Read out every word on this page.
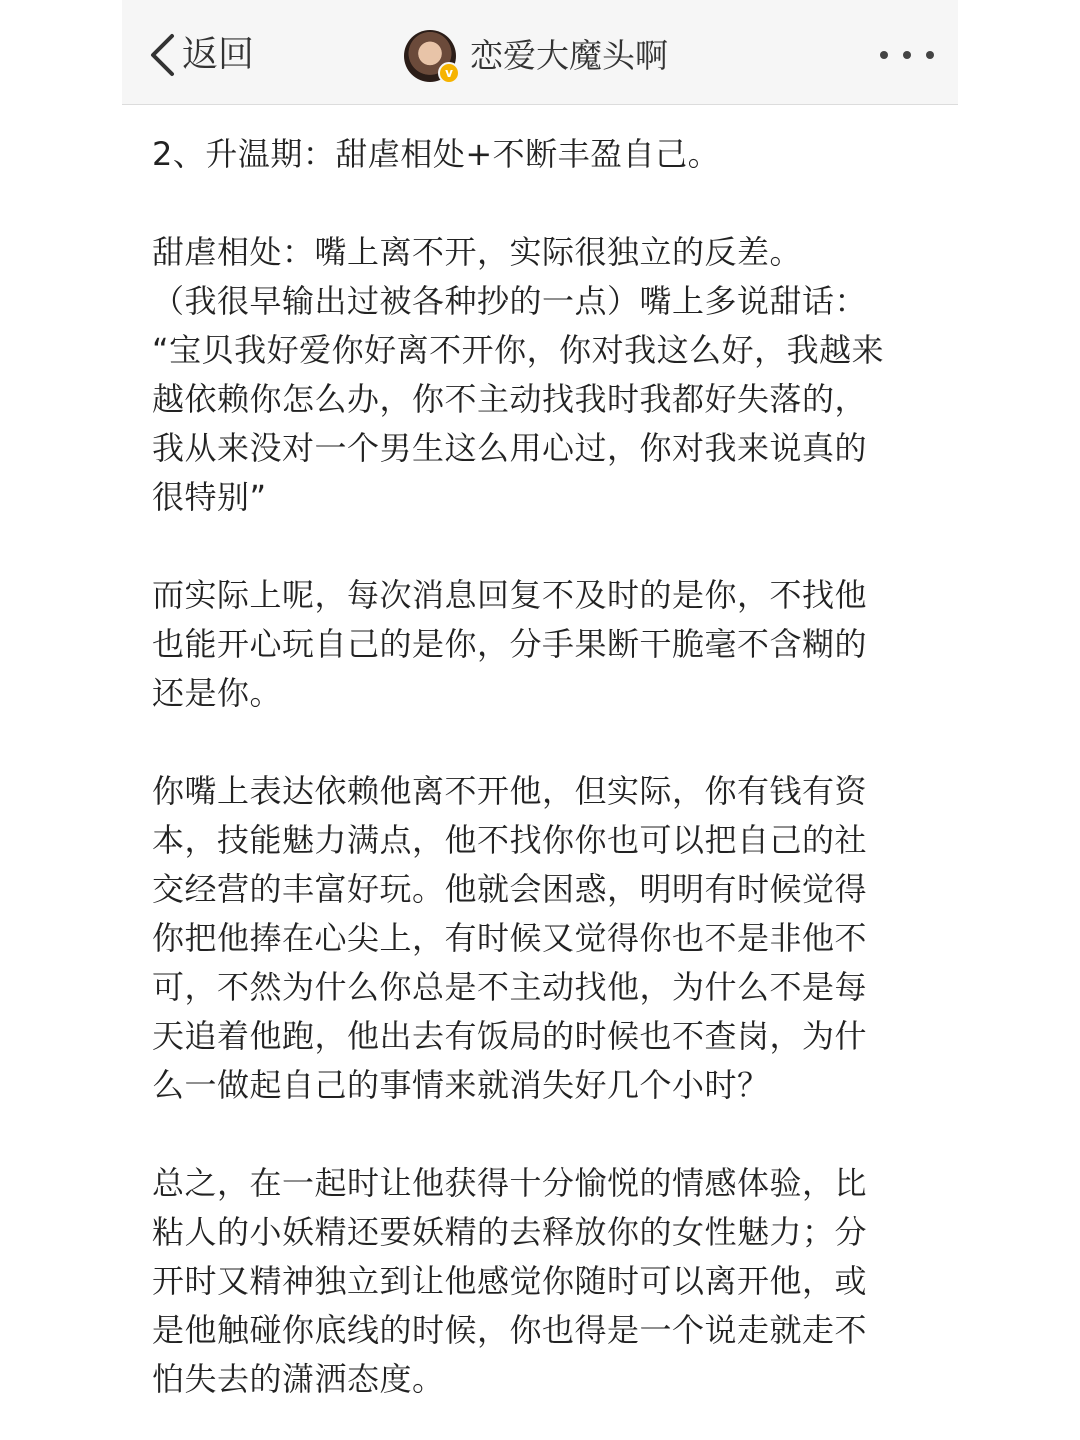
返回	v 恋爱大魔头啊

2、升温期：甜虐相处+不断丰盈自己。

甜虐相处：嘴上离不开，实际很独立的反差。
（我很早输出过被各种抄的一点）嘴上多说甜话：
“宝贝我好爱你好离不开你，你对我这么好，我越来
越依赖你怎么办，你不主动找我时我都好失落的，
我从来没对一个男生这么用心过，你对我来说真的
很特别”

而实际上呢，每次消息回复不及时的是你，不找他
也能开心玩自己的是你，分手果断干脆毫不含糊的
还是你。

你嘴上表达依赖他离不开他，但实际，你有钱有资
本，技能魅力满点，他不找你你也可以把自己的社
交经营的丰富好玩。他就会困惑，明明有时候觉得
你把他捧在心尖上，有时候又觉得你也不是非他不
可，不然为什么你总是不主动找他，为什么不是每
天追着他跑，他出去有饭局的时候也不查岗，为什
么一做起自己的事情来就消失好几个小时？

总之，在一起时让他获得十分愉悦的情感体验，比
粘人的小妖精还要妖精的去释放你的女性魅力；分
开时又精神独立到让他感觉你随时可以离开他，或
是他触碰你底线的时候，你也得是一个说走就走不
怕失去的潇洒态度。
